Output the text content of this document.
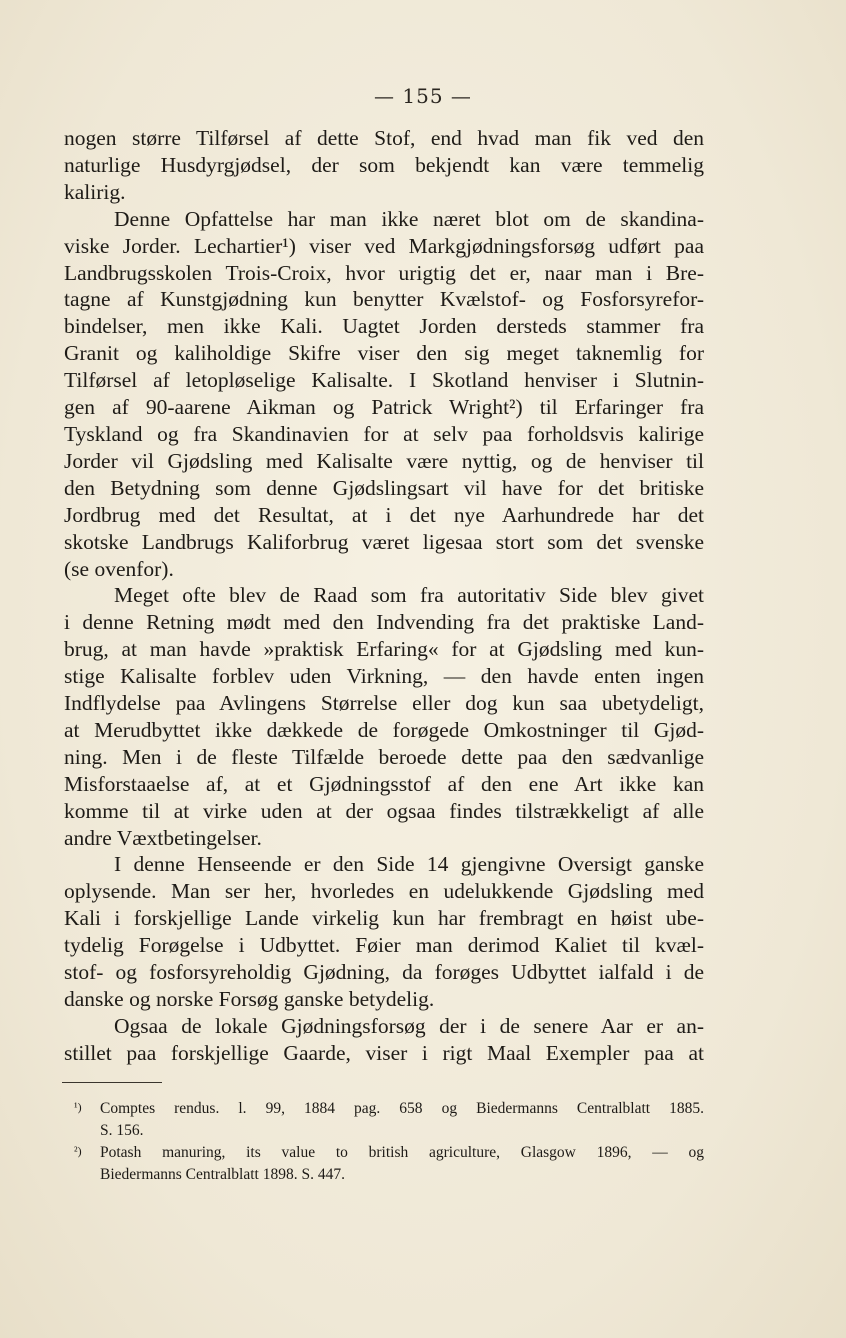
— 155 —
nogen større Tilførsel af dette Stof, end hvad man fik ved den
naturlige Husdyrgjødsel, der som bekjendt kan være temmelig
kalirig.
Denne Opfattelse har man ikke næret blot om de skandina-
viske Jorder. Lechartier¹) viser ved Markgjødningsforsøg udført paa
Landbrugsskolen Trois-Croix, hvor urigtig det er, naar man i Bre-
tagne af Kunstgjødning kun benytter Kvælstof- og Fosforsyrefor-
bindelser, men ikke Kali. Uagtet Jorden dersteds stammer fra
Granit og kaliholdige Skifre viser den sig meget taknemlig for
Tilførsel af letopløselige Kalisalte. I Skotland henviser i Slutnin-
gen af 90-aarene Aikman og Patrick Wright²) til Erfaringer fra
Tyskland og fra Skandinavien for at selv paa forholdsvis kalirige
Jorder vil Gjødsling med Kalisalte være nyttig, og de henviser til
den Betydning som denne Gjødslingsart vil have for det britiske
Jordbrug med det Resultat, at i det nye Aarhundrede har det
skotske Landbrugs Kaliforbrug været ligesaa stort som det svenske
(se ovenfor).
Meget ofte blev de Raad som fra autoritativ Side blev givet
i denne Retning mødt med den Indvending fra det praktiske Land-
brug, at man havde »praktisk Erfaring« for at Gjødsling med kun-
stige Kalisalte forblev uden Virkning, — den havde enten ingen
Indflydelse paa Avlingens Størrelse eller dog kun saa ubetydeligt,
at Merudbyttet ikke dækkede de forøgede Omkostninger til Gjød-
ning. Men i de fleste Tilfælde beroede dette paa den sædvanlige
Misforstaaelse af, at et Gjødningsstof af den ene Art ikke kan
komme til at virke uden at der ogsaa findes tilstrækkeligt af alle
andre Væxtbetingelser.
I denne Henseende er den Side 14 gjengivne Oversigt ganske
oplysende. Man ser her, hvorledes en udelukkende Gjødsling med
Kali i forskjellige Lande virkelig kun har frembragt en høist ube-
tydelig Forøgelse i Udbyttet. Føier man derimod Kaliet til kvæl-
stof- og fosforsyreholdig Gjødning, da forøges Udbyttet ialfald i de
danske og norske Forsøg ganske betydelig.
Ogsaa de lokale Gjødningsforsøg der i de senere Aar er an-
stillet paa forskjellige Gaarde, viser i rigt Maal Exempler paa at
¹) Comptes rendus. l. 99, 1884 pag. 658 og Biedermanns Centralblatt 1885.
S. 156.
²) Potash manuring, its value to british agriculture, Glasgow 1896, — og
Biedermanns Centralblatt 1898. S. 447.
